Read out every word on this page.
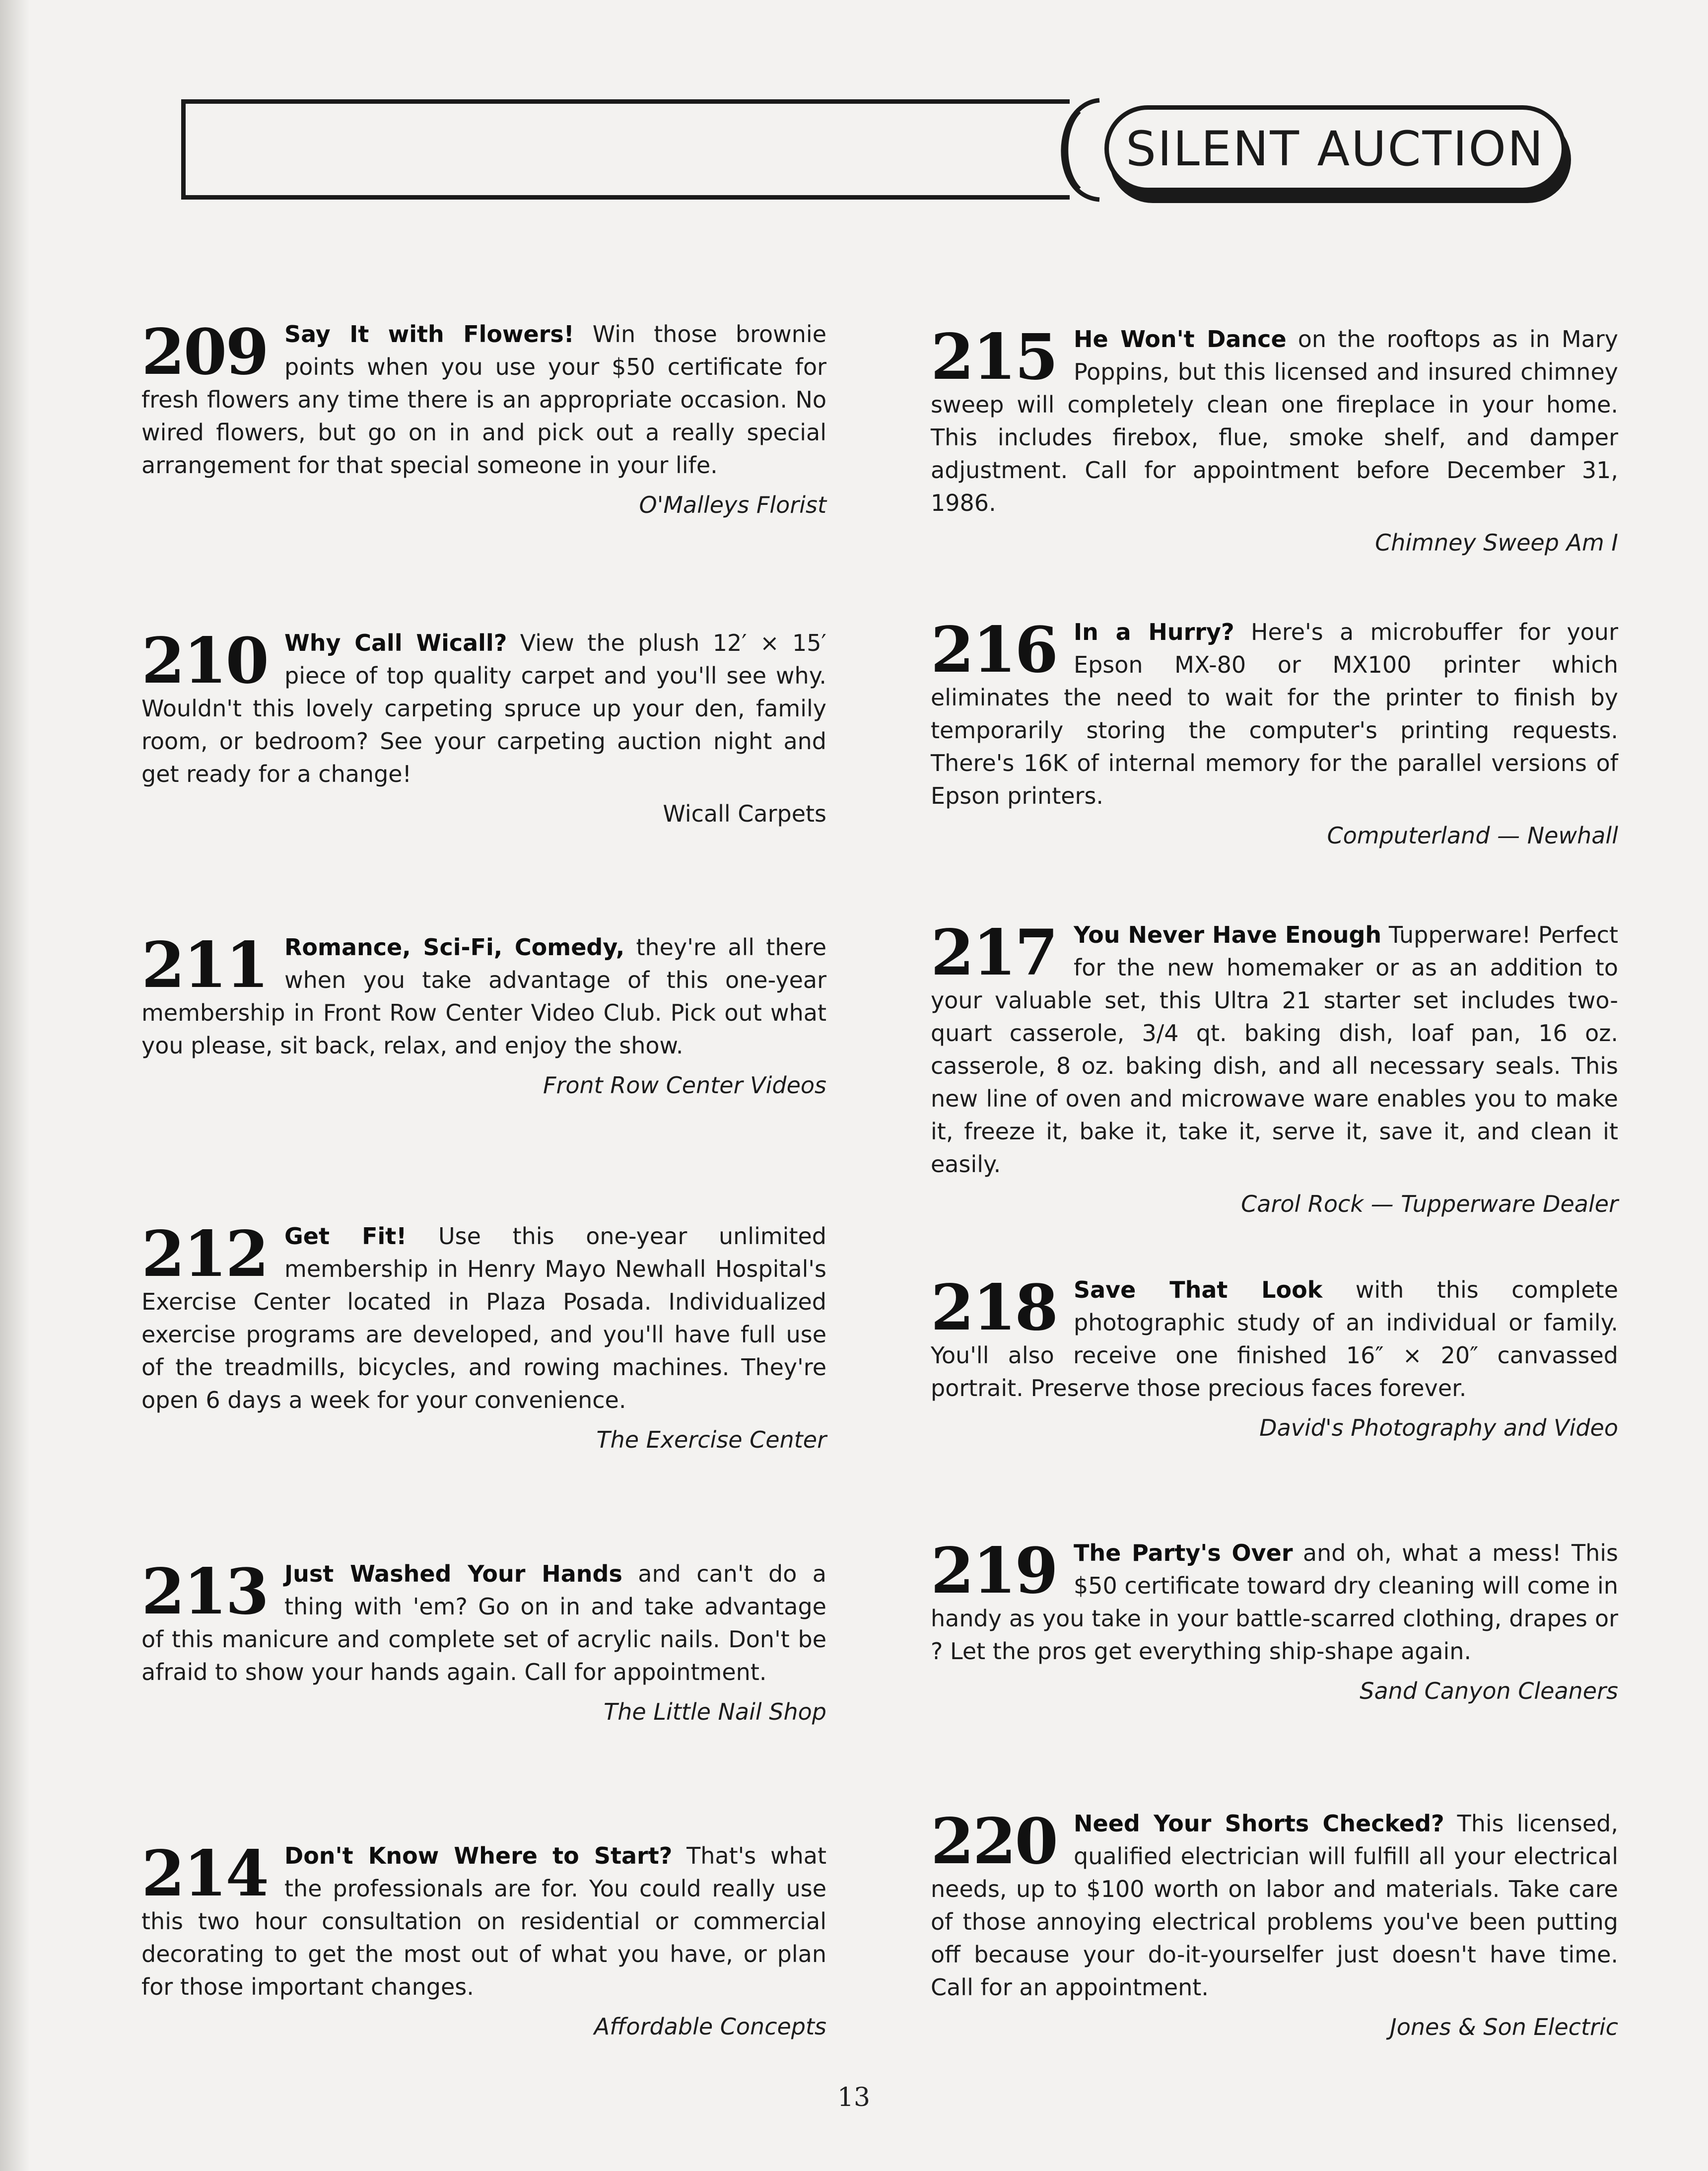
SILENT AUCTION
209 Say It with Flowers! Win those brownie points when you use your $50 certificate for fresh flowers any time there is an appropriate occasion. No wired flowers, but go on in and pick out a really special arrangement for that special someone in your life.

O'Malleys Florist

210 Why Call Wicall? View the plush 12′ × 15′ piece of top quality carpet and you'll see why. Wouldn't this lovely carpeting spruce up your den, family room, or bedroom? See your carpeting auction night and get ready for a change!

Wicall Carpets

211 Romance, Sci-Fi, Comedy, they're all there when you take advantage of this one-year membership in Front Row Center Video Club. Pick out what you please, sit back, relax, and enjoy the show.

Front Row Center Videos

212 Get Fit! Use this one-year unlimited membership in Henry Mayo Newhall Hospital's Exercise Center located in Plaza Posada. Individualized exercise programs are developed, and you'll have full use of the treadmills, bicycles, and rowing machines. They're open 6 days a week for your convenience.

The Exercise Center

213 Just Washed Your Hands and can't do a thing with 'em? Go on in and take advantage of this manicure and complete set of acrylic nails. Don't be afraid to show your hands again. Call for appointment.

The Little Nail Shop

214 Don't Know Where to Start? That's what the professionals are for. You could really use this two hour consultation on residential or commercial decorating to get the most out of what you have, or plan for those important changes.

Affordable Concepts

215 He Won't Dance on the rooftops as in Mary Poppins, but this licensed and insured chimney sweep will completely clean one fireplace in your home. This includes firebox, flue, smoke shelf, and damper adjustment. Call for appointment before December 31, 1986.

Chimney Sweep Am I

216 In a Hurry? Here's a microbuffer for your Epson MX-80 or MX100 printer which eliminates the need to wait for the printer to finish by temporarily storing the computer's printing requests. There's 16K of internal memory for the parallel versions of Epson printers.

Computerland — Newhall

217 You Never Have Enough Tupperware! Perfect for the new homemaker or as an addition to your valuable set, this Ultra 21 starter set includes two-quart casserole, 3/4 qt. baking dish, loaf pan, 16 oz. casserole, 8 oz. baking dish, and all necessary seals. This new line of oven and microwave ware enables you to make it, freeze it, bake it, take it, serve it, save it, and clean it easily.

Carol Rock — Tupperware Dealer

218 Save That Look with this complete photographic study of an individual or family. You'll also receive one finished 16″ × 20″ canvassed portrait. Preserve those precious faces forever.

David's Photography and Video

219 The Party's Over and oh, what a mess! This $50 certificate toward dry cleaning will come in handy as you take in your battle-scarred clothing, drapes or ? Let the pros get everything ship-shape again.

Sand Canyon Cleaners

220 Need Your Shorts Checked? This licensed, qualified electrician will fulfill all your electrical needs, up to $100 worth on labor and materials. Take care of those annoying electrical problems you've been putting off because your do-it-yourselfer just doesn't have time. Call for an appointment.

Jones & Son Electric

13
